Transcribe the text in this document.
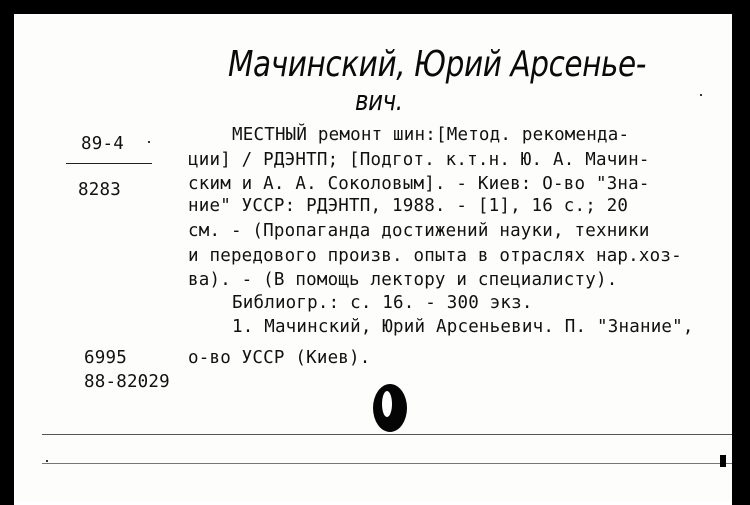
Мачинский, Юрий Арсенье-
вич.
89-4
8283
6995
88-82029
МЕСТНЫЙ ремонт шин:[Метод. рекоменда-
ции] / РДЭНТП; [Подгот. к.т.н. Ю. А. Мачин-
ским и А. А. Соколовым]. - Киев: О-во "Зна-
ние" УССР: РДЭНТП, 1988. - [1], 16 с.; 20
см. - (Пропаганда достижений науки, техники
и передового произв. опыта в отраслях нар.хоз-
ва). - (В помощь лектору и специалисту).
Библиогр.: с. 16. - 300 экз.
1. Мачинский, Юрий Арсеньевич. П. "Знание",
о-во УССР (Киев).
